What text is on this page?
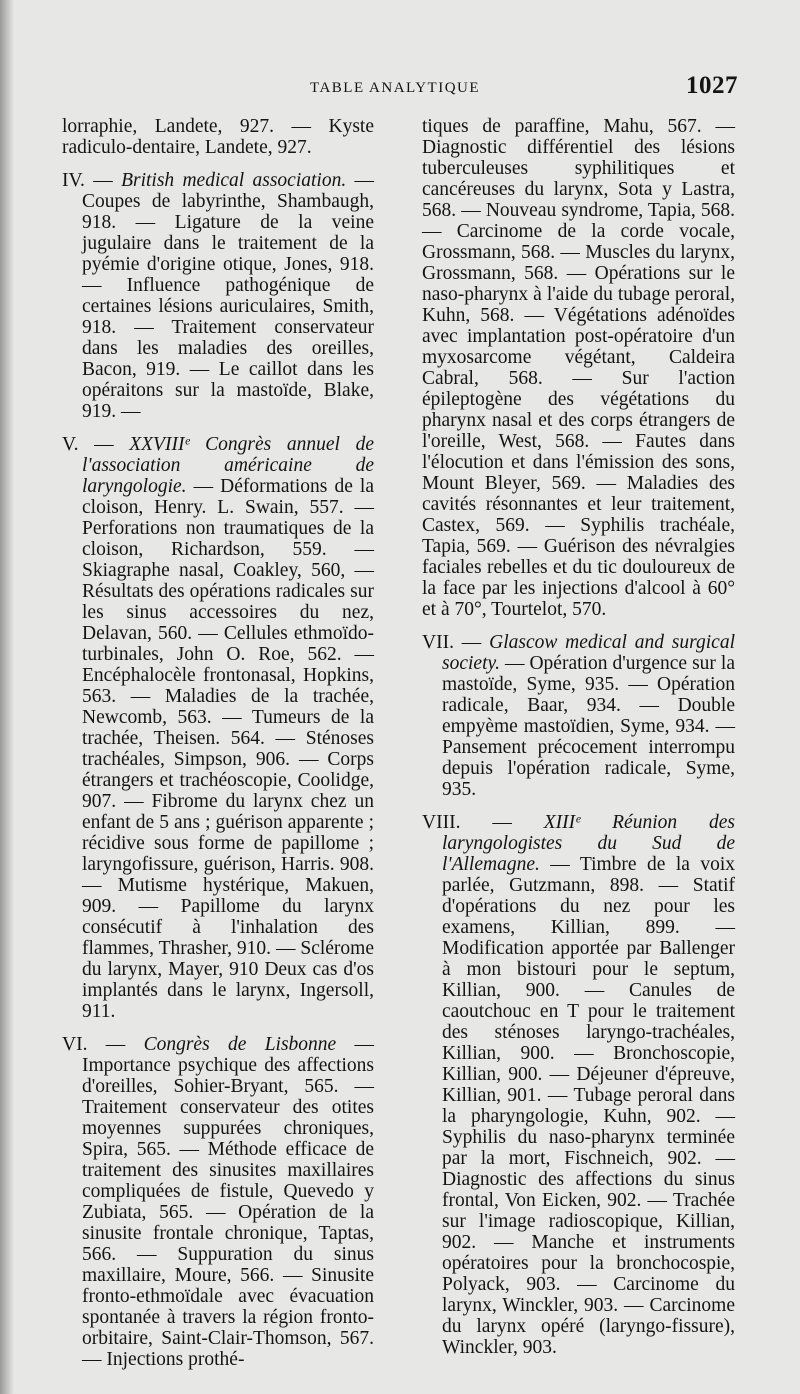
TABLE ANALYTIQUE	1027

lorraphie, Landete, 927. — Kyste radiculo-dentaire, Landete, 927.

IV. — British medical association. — Coupes de labyrinthe, Shambaugh, 918. — Ligature de la veine jugulaire dans le traitement de la pyémie d'origine otique, Jones, 918. — Influence pathogénique de certaines lésions auriculaires, Smith, 918. — Traitement conservateur dans les maladies des oreilles, Bacon, 919. — Le caillot dans les opéraitons sur la mastoïde, Blake, 919. —

V. — XXVIIIᵉ Congrès annuel de l'association américaine de laryngologie. — Déformations de la cloison, Henry. L. Swain, 557. — Perforations non traumatiques de la cloison, Richardson, 559. — Skiagraphe nasal, Coakley, 560, — Résultats des opérations radicales sur les sinus accessoires du nez, Delavan, 560. — Cellules ethmoïdo-turbinales, John O. Roe, 562. — Encéphalocèle frontonasal, Hopkins, 563. — Maladies de la trachée, Newcomb, 563. — Tumeurs de la trachée, Theisen. 564. — Sténoses trachéales, Simpson, 906. — Corps étrangers et trachéoscopie, Coolidge, 907. — Fibrome du larynx chez un enfant de 5 ans ; guérison apparente ; récidive sous forme de papillome ; laryngofissure, guérison, Harris. 908. — Mutisme hystérique, Makuen, 909. — Papillome du larynx consécutif à l'inhalation des flammes, Thrasher, 910. — Sclérome du larynx, Mayer, 910 Deux cas d'os implantés dans le larynx, Ingersoll, 911.

VI. — Congrès de Lisbonne — Importance psychique des affections d'oreilles, Sohier-Bryant, 565. — Traitement conservateur des otites moyennes suppurées chroniques, Spira, 565. — Méthode efficace de traitement des sinusites maxillaires compliquées de fistule, Quevedo y Zubiata, 565. — Opération de la sinusite frontale chronique, Taptas, 566. — Suppuration du sinus maxillaire, Moure, 566. — Sinusite fronto-ethmoïdale avec évacuation spontanée à travers la région fronto-orbitaire, Saint-Clair-Thomson, 567. — Injections prothé-

tiques de paraffine, Mahu, 567. — Diagnostic différentiel des lésions tuberculeuses syphilitiques et cancéreuses du larynx, Sota y Lastra, 568. — Nouveau syndrome, Tapia, 568. — Carcinome de la corde vocale, Grossmann, 568. — Muscles du larynx, Grossmann, 568. — Opérations sur le naso-pharynx à l'aide du tubage peroral, Kuhn, 568. — Végétations adénoïdes avec implantation post-opératoire d'un myxosarcome végétant, Caldeira Cabral, 568. — Sur l'action épileptogène des végétations du pharynx nasal et des corps étrangers de l'oreille, West, 568. — Fautes dans l'élocution et dans l'émission des sons, Mount Bleyer, 569. — Maladies des cavités résonnantes et leur traitement, Castex, 569. — Syphilis trachéale, Tapia, 569. — Guérison des névralgies faciales rebelles et du tic douloureux de la face par les injections d'alcool à 60° et à 70°, Tourtelot, 570.

VII. — Glascow medical and surgical society. — Opération d'urgence sur la mastoïde, Syme, 935. — Opération radicale, Baar, 934. — Double empyème mastoïdien, Syme, 934. — Pansement précocement interrompu depuis l'opération radicale, Syme, 935.

VIII. — XIIIᵉ Réunion des laryngologistes du Sud de l'Allemagne. — Timbre de la voix parlée, Gutzmann, 898. — Statif d'opérations du nez pour les examens, Killian, 899. — Modification apportée par Ballenger à mon bistouri pour le septum, Killian, 900. — Canules de caoutchouc en T pour le traitement des sténoses laryngo-trachéales, Killian, 900. — Bronchoscopie, Killian, 900. — Déjeuner d'épreuve, Killian, 901. — Tubage peroral dans la pharyngologie, Kuhn, 902. — Syphilis du naso-pharynx terminée par la mort, Fischneich, 902. — Diagnostic des affections du sinus frontal, Von Eicken, 902. — Trachée sur l'image radioscopique, Killian, 902. — Manche et instruments opératoires pour la bronchocospie, Polyack, 903. — Carcinome du larynx, Winckler, 903. — Carcinome du larynx opéré (laryngo-fissure), Winckler, 903.
